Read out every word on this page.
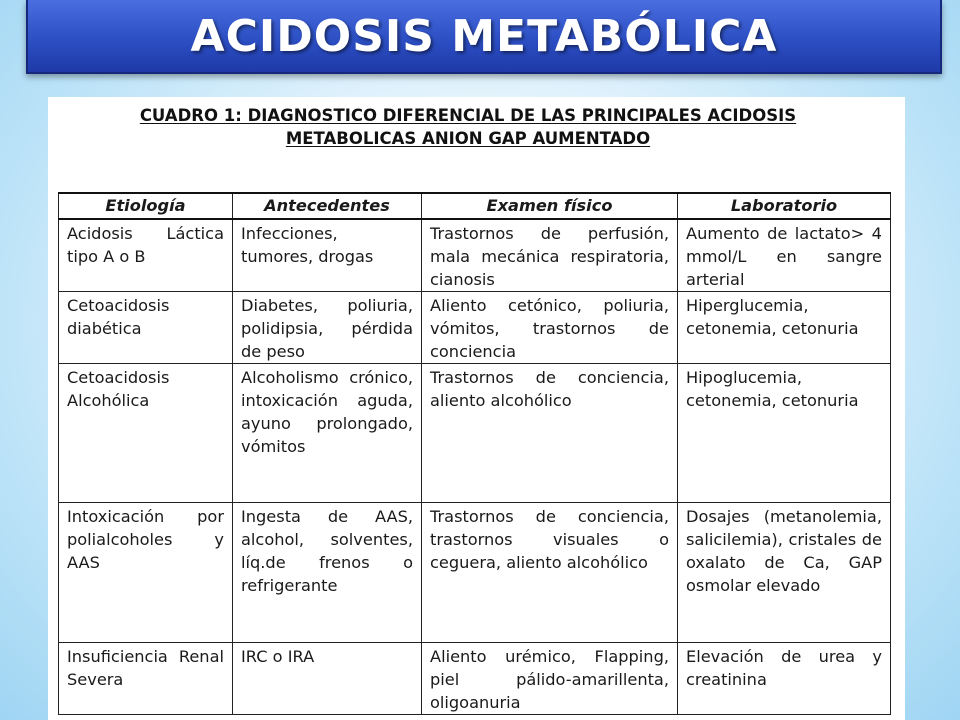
ACIDOSIS METABÓLICA
CUADRO 1: DIAGNOSTICO DIFERENCIAL DE LAS PRINCIPALES ACIDOSIS
METABOLICAS ANION GAP AUMENTADO
Etiología	Antecedentes	Examen físico	Laboratorio
Acidosis Láctica tipo A o B	Infecciones, tumores, drogas	Trastornos de perfusión, mala mecánica respiratoria, cianosis	Aumento de lactato> 4 mmol/L en sangre arterial
Cetoacidosis diabética	Diabetes, poliuria, polidipsia, pérdida de peso	Aliento cetónico, poliuria, vómitos, trastornos de conciencia	Hiperglucemia, cetonemia, cetonuria
Cetoacidosis Alcohólica	Alcoholismo crónico, intoxicación aguda, ayuno prolongado, vómitos	Trastornos de conciencia, aliento alcohólico	Hipoglucemia, cetonemia, cetonuria
Intoxicación por polialcoholes y AAS	Ingesta de AAS, alcohol, solventes, líq.de frenos o refrigerante	Trastornos de conciencia, trastornos visuales o ceguera, aliento alcohólico	Dosajes (metanolemia, salicilemia), cristales de oxalato de Ca, GAP osmolar elevado
Insuficiencia Renal Severa	IRC o IRA	Aliento urémico, Flapping, piel pálido-amarillenta, oligoanuria	Elevación de urea y creatinina
